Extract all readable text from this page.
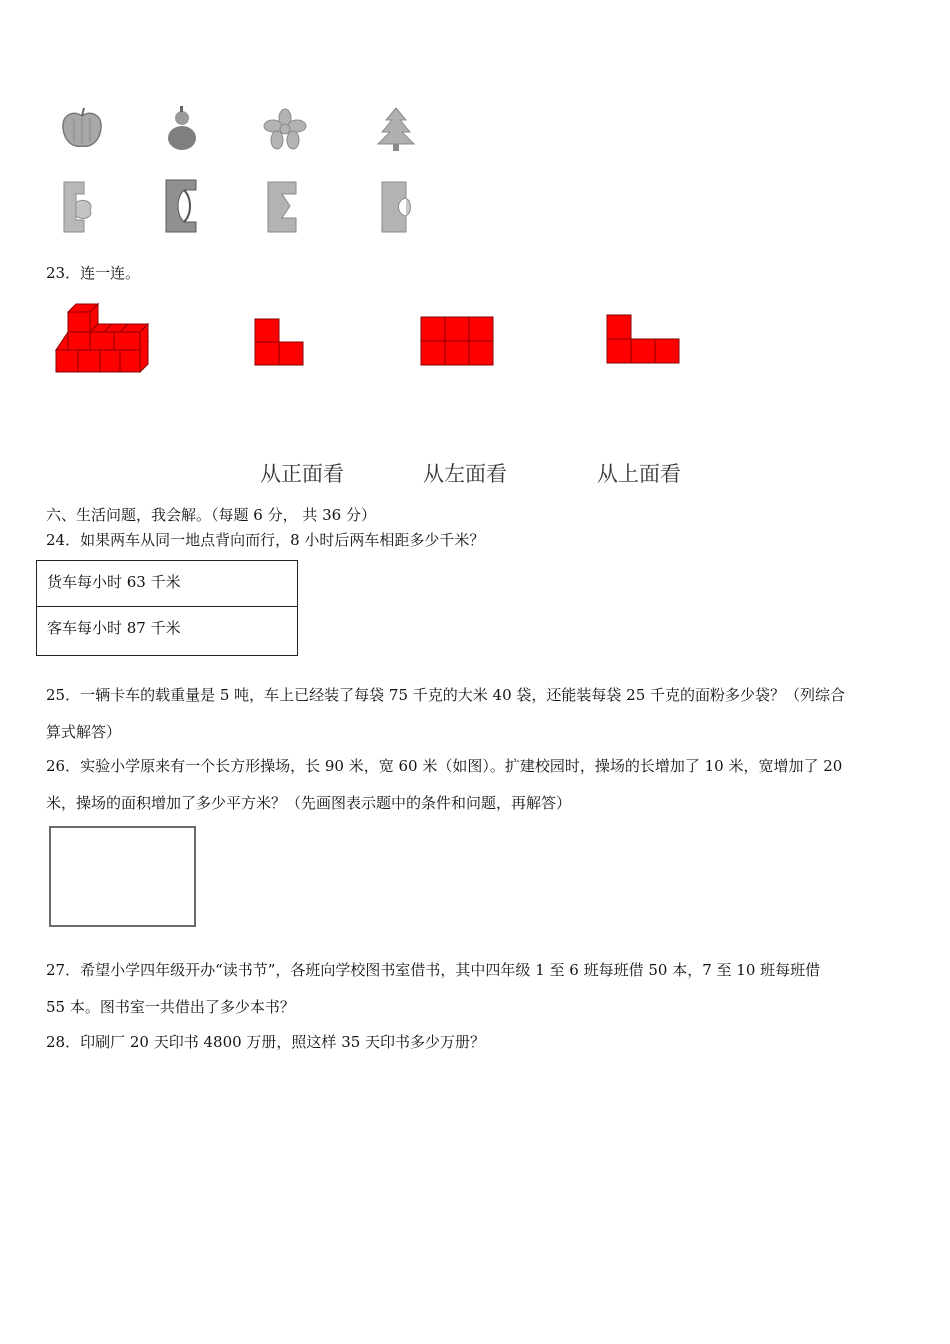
23．连一连。
从正面看	从左面看	从上面看
六、生活问题，我会解。（每题 6 分， 共 36 分）
24．如果两车从同一地点背向而行，8 小时后两车相距多少千米？
货车每小时 63 千米
客车每小时 87 千米
25．一辆卡车的载重量是 5 吨，车上已经装了每袋 75 千克的大米 40 袋，还能装每袋 25 千克的面粉多少袋？（列综合
算式解答）
26．实验小学原来有一个长方形操场，长 90 米，宽 60 米（如图）。扩建校园时，操场的长增加了 10 米，宽增加了 20
米，操场的面积增加了多少平方米？（先画图表示题中的条件和问题，再解答）
27．希望小学四年级开办“读书节”，各班向学校图书室借书，其中四年级 1 至 6 班每班借 50 本，7 至 10 班每班借
55 本。图书室一共借出了多少本书？
28．印刷厂 20 天印书 4800 万册，照这样 35 天印书多少万册？
